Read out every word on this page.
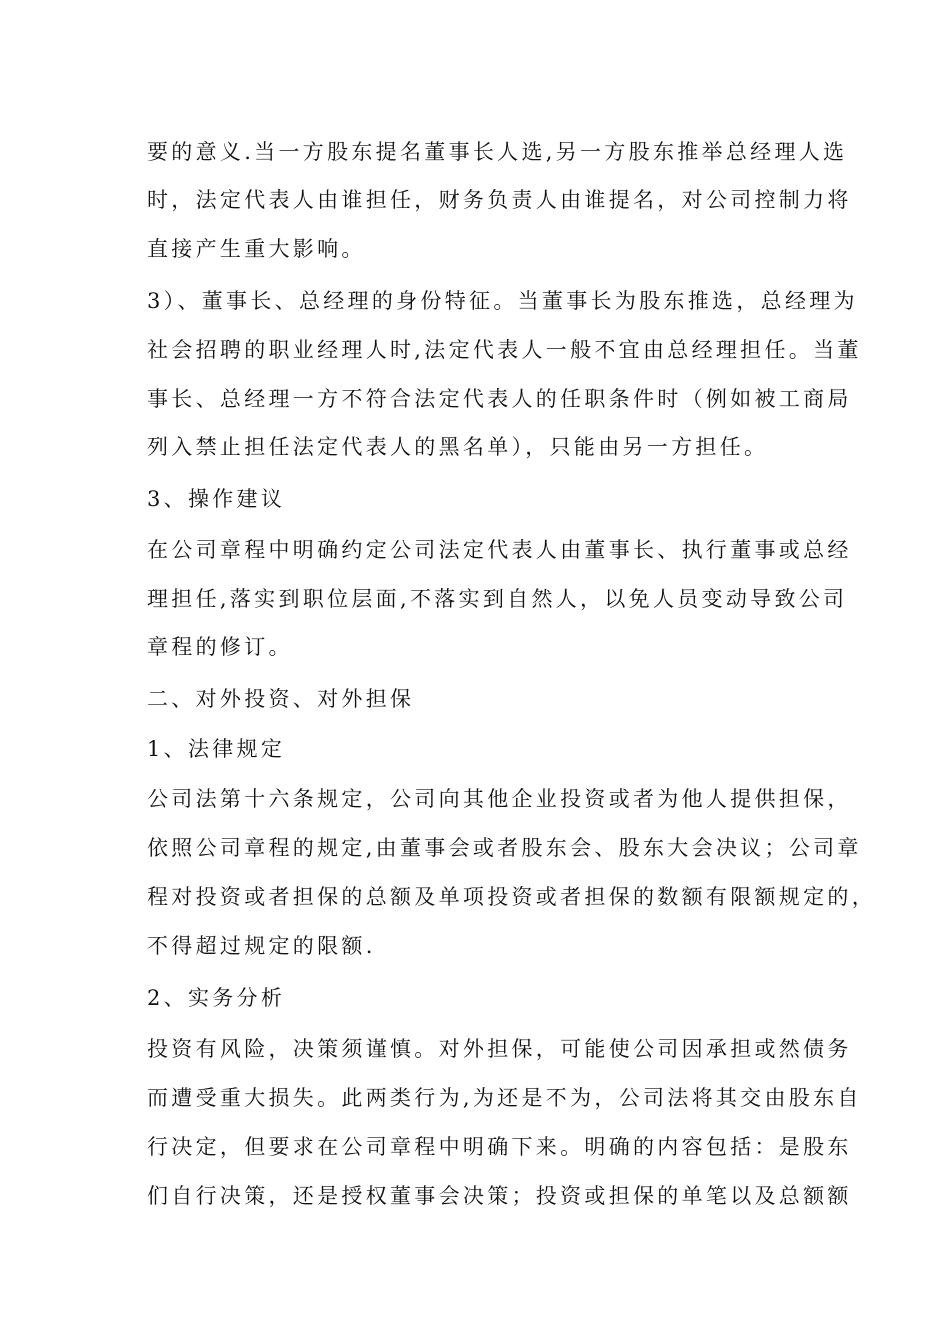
要的意义.当一方股东提名董事长人选,另一方股东推举总经理人选
时，法定代表人由谁担任，财务负责人由谁提名，对公司控制力将
直接产生重大影响。
3）、董事长、总经理的身份特征。当董事长为股东推选，总经理为
社会招聘的职业经理人时,法定代表人一般不宜由总经理担任。当董
事长、总经理一方不符合法定代表人的任职条件时（例如被工商局
列入禁止担任法定代表人的黑名单），只能由另一方担任。
3、操作建议
在公司章程中明确约定公司法定代表人由董事长、执行董事或总经
理担任,落实到职位层面,不落实到自然人，以免人员变动导致公司
章程的修订。
二、对外投资、对外担保
1、法律规定
公司法第十六条规定，公司向其他企业投资或者为他人提供担保，
依照公司章程的规定,由董事会或者股东会、股东大会决议；公司章
程对投资或者担保的总额及单项投资或者担保的数额有限额规定的，
不得超过规定的限额.
2、实务分析
投资有风险，决策须谨慎。对外担保，可能使公司因承担或然债务
而遭受重大损失。此两类行为,为还是不为，公司法将其交由股东自
行决定，但要求在公司章程中明确下来。明确的内容包括：是股东
们自行决策，还是授权董事会决策；投资或担保的单笔以及总额额
